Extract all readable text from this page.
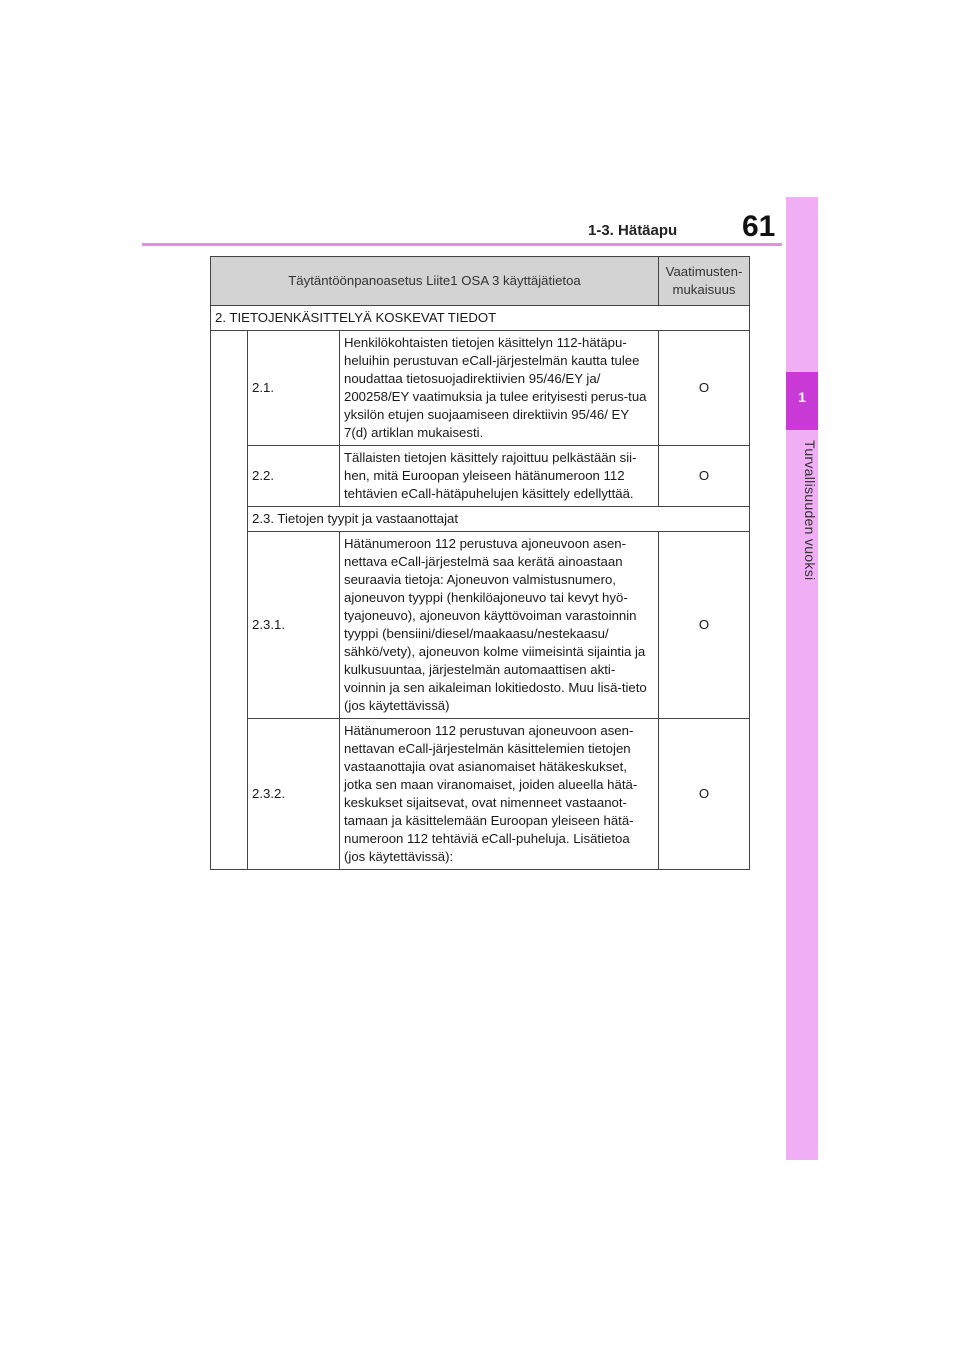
1-3. Hätäapu 61
1
Turvallisuuden vuoksi
Täytäntöönpanoasetus Liite1 OSA 3 käyttäjätietoa			Vaatimusten-mukaisuus
2. TIETOJENKÄSITTELYÄ KOSKEVAT TIEDOT			
	2.1.	Henkilökohtaisten tietojen käsittelyn 112-hätäpu-heluihin perustuvan eCall-järjestelmän kautta tulee noudattaa tietosuojadirektiivien 95/46/EY ja/ 200258/EY vaatimuksia ja tulee erityisesti perus-tua yksilön etujen suojaamiseen direktiivin 95/46/ EY 7(d) artiklan mukaisesti.	O
	2.2.	Tällaisten tietojen käsittely rajoittuu pelkästään sii-hen, mitä Euroopan yleiseen hätänumeroon 112 tehtävien eCall-hätäpuhelujen käsittely edellyttää.	O
	2.3. Tietojen tyypit ja vastaanottajat		
	2.3.1.	Hätänumeroon 112 perustuva ajoneuvoon asen-nettava eCall-järjestelmä saa kerätä ainoastaan seuraavia tietoja: Ajoneuvon valmistusnumero, ajoneuvon tyyppi (henkilöajoneuvo tai kevyt hyö-tyajoneuvo), ajoneuvon käyttövoiman varastoinnin tyyppi (bensiini/diesel/maakaasu/nestekaasu/ sähkö/vety), ajoneuvon kolme viimeisintä sijaintia ja kulkusuuntaa, järjestelmän automaattisen akti-voinnin ja sen aikaleiman lokitiedosto. Muu lisä-tieto (jos käytettävissä)	O
	2.3.2.	Hätänumeroon 112 perustuvan ajoneuvoon asen-nettavan eCall-järjestelmän käsittelemien tietojen vastaanottajia ovat asianomaiset hätäkeskukset, jotka sen maan viranomaiset, joiden alueella hätä-keskukset sijaitsevat, ovat nimenneet vastaanot-tamaan ja käsittelemään Euroopan yleiseen hätä-numeroon 112 tehtäviä eCall-puheluja. Lisätietoa (jos käytettävissä):	O
